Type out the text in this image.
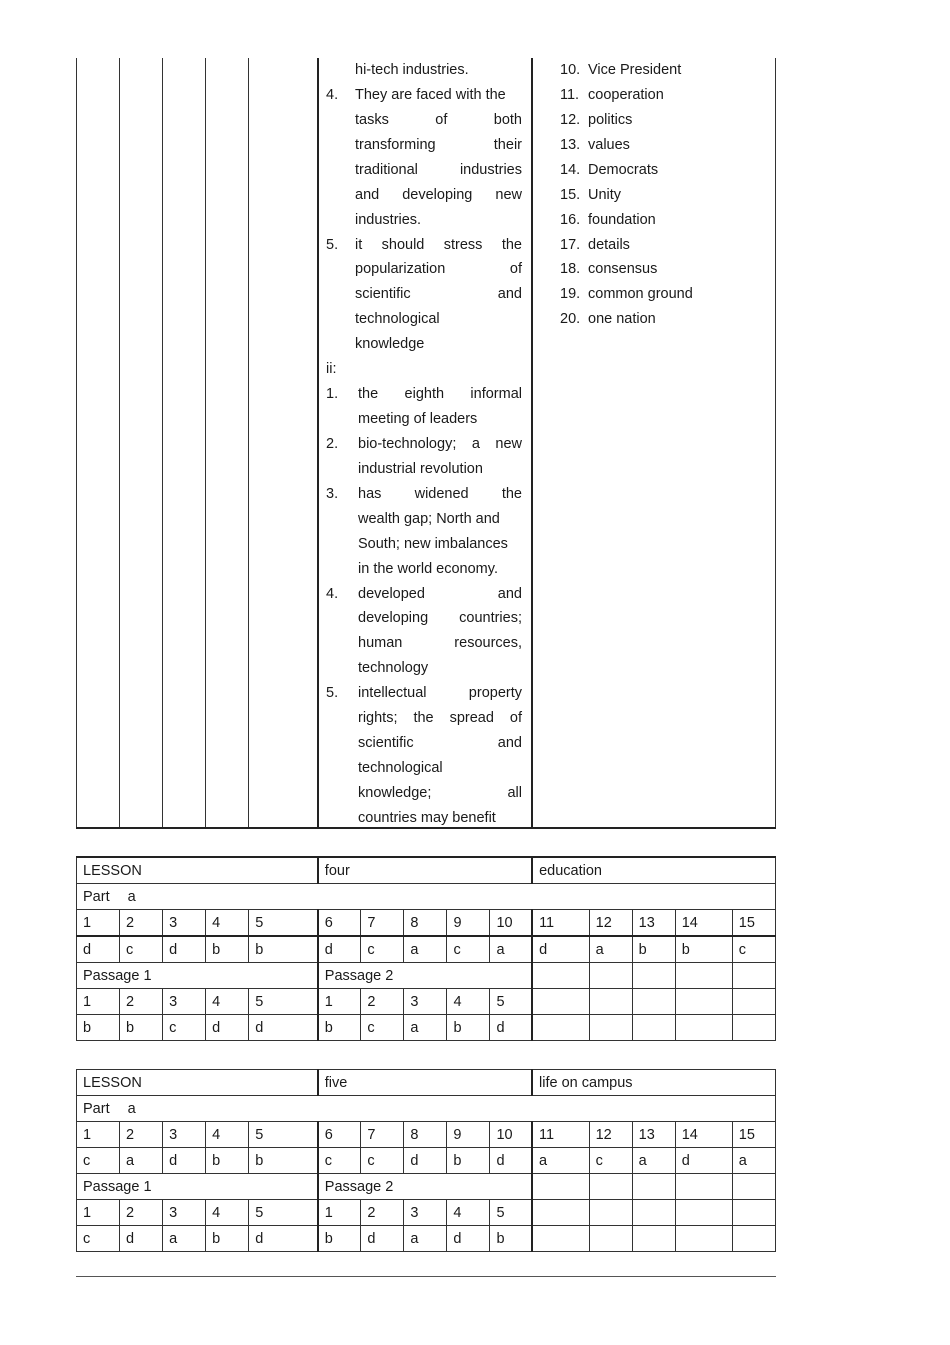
hi-tech industries.
4. They are faced with the
tasks	of	both
transforming	their
traditional	industries
and developing new
industries.
5. it should stress the
popularization	of
scientific	and
technological
knowledge
ii:
1. the eighth informal
meeting of leaders
2. bio-technology; a new
industrial revolution
3. has widened the
wealth gap; North and
South; new imbalances
in the world economy.
4. developed	and
developing countries;
human	resources,
technology
5. intellectual	property
rights; the spread of
scientific	and
technological
knowledge;	all
countries may benefit
10. Vice President
11. cooperation
12. politics
13. values
14. Democrats
15. Unity
16. foundation
17. details
18. consensus
19. common ground
20. one nation
LESSON					four					education				
Part a														
1	2	3	4	5	6	7	8	9	10	11	12	13	14	15
d	c	d	b	b	d	c	a	c	a	d	a	b	b	c
Passage 1					Passage 2									
1	2	3	4	5	1	2	3	4	5					
b	b	c	d	d	b	c	a	b	d					
LESSON					five					life on campus				
Part a														
1	2	3	4	5	6	7	8	9	10	11	12	13	14	15
c	a	d	b	b	c	c	d	b	d	a	c	a	d	a
Passage 1					Passage 2									
1	2	3	4	5	1	2	3	4	5					
c	d	a	b	d	b	d	a	d	b					
